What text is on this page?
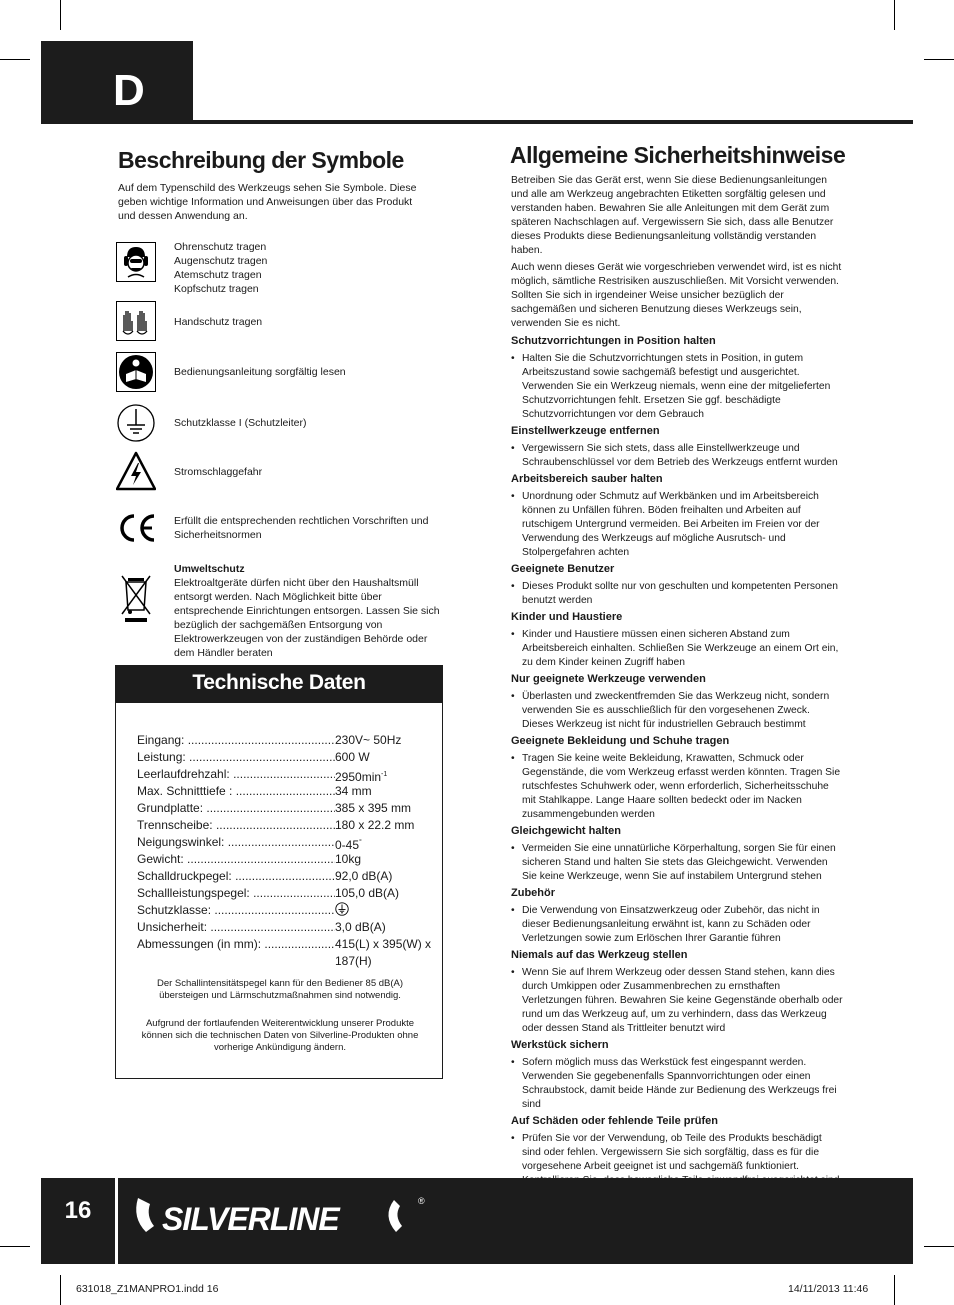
D
Beschreibung der Symbole

Auf dem Typenschild des Werkzeugs sehen Sie Symbole. Diese geben wichtige Information und Anweisungen über das Produkt und dessen Anwendung an.

Ohrenschutz tragen
Augenschutz tragen
Atemschutz tragen
Kopfschutz tragen
Handschutz tragen
Bedienungsanleitung sorgfältig lesen
Schutzklasse I (Schutzleiter)
Stromschlaggefahr
Erfüllt die entsprechenden rechtlichen Vorschriften und Sicherheitsnormen
Umweltschutz
Elektroaltgeräte dürfen nicht über den Haushaltsmüll entsorgt werden. Nach Möglichkeit bitte über entsprechende Einrichtungen entsorgen. Lassen Sie sich bezüglich der sachgemäßen Entsorgung von Elektrowerkzeugen von der zuständigen Behörde oder dem Händler beraten
Technische Daten
Eingang: .....	230V~ 50Hz
Leistung: .....	600 W
Leerlaufdrehzahl: .....	$2950\min^{-1}$
Max. Schnitttiefe : .....	34 mm
Grundplatte: .....	385 x 395 mm
Trennscheibe: .....	180 x 22.2 mm
Neigungswinkel: .....	0-45°
Gewicht: .....	10kg
Schalldruckpegel: .....	92,0 dB(A)
Schallleistungspegel: .....	105,0 dB(A)
Schutzklasse: .....
Unsicherheit: .....	3,0 dB(A)
Abmessungen (in mm): .....	415(L) x 395(W) x 187(H)

Der Schallintensitätspegel kann für den Bediener 85 dB(A) übersteigen und Lärmschutzmaßnahmen sind notwendig.

Aufgrund der fortlaufenden Weiterentwicklung unserer Produkte können sich die technischen Daten von Silverline-Produkten ohne vorherige Ankündigung ändern.

Allgemeine Sicherheitshinweise

Betreiben Sie das Gerät erst, wenn Sie diese Bedienungsanleitungen und alle am Werkzeug angebrachten Etiketten sorgfältig gelesen und verstanden haben. Bewahren Sie alle Anleitungen mit dem Gerät zum späteren Nachschlagen auf. Vergewissern Sie sich, dass alle Benutzer dieses Produkts diese Bedienungsanleitung vollständig verstanden haben.

Auch wenn dieses Gerät wie vorgeschrieben verwendet wird, ist es nicht möglich, sämtliche Restrisiken auszuschließen. Mit Vorsicht verwenden. Sollten Sie sich in irgendeiner Weise unsicher bezüglich der sachgemäßen und sicheren Benutzung dieses Werkzeugs sein, verwenden Sie es nicht.

Schutzvorrichtungen in Position halten
• Halten Sie die Schutzvorrichtungen stets in Position, in gutem Arbeitszustand sowie sachgemäß befestigt und ausgerichtet. Verwenden Sie ein Werkzeug niemals, wenn eine der mitgelieferten Schutzvorrichtungen fehlt. Ersetzen Sie ggf. beschädigte Schutzvorrichtungen vor dem Gebrauch
Einstellwerkzeuge entfernen
• Vergewissern Sie sich stets, dass alle Einstellwerkzeuge und Schraubenschlüssel vor dem Betrieb des Werkzeugs entfernt wurden
Arbeitsbereich sauber halten
• Unordnung oder Schmutz auf Werkbänken und im Arbeitsbereich können zu Unfällen führen. Böden freihalten und Arbeiten auf rutschigem Untergrund vermeiden. Bei Arbeiten im Freien vor der Verwendung des Werkzeugs auf mögliche Ausrutsch- und Stolpergefahren achten
Geeignete Benutzer
• Dieses Produkt sollte nur von geschulten und kompetenten Personen benutzt werden
Kinder und Haustiere
• Kinder und Haustiere müssen einen sicheren Abstand zum Arbeitsbereich einhalten. Schließen Sie Werkzeuge an einem Ort ein, zu dem Kinder keinen Zugriff haben
Nur geeignete Werkzeuge verwenden
• Überlasten und zweckentfremden Sie das Werkzeug nicht, sondern verwenden Sie es ausschließlich für den vorgesehenen Zweck. Dieses Werkzeug ist nicht für industriellen Gebrauch bestimmt
Geeignete Bekleidung und Schuhe tragen
• Tragen Sie keine weite Bekleidung, Krawatten, Schmuck oder Gegenstände, die vom Werkzeug erfasst werden könnten. Tragen Sie rutschfestes Schuhwerk oder, wenn erforderlich, Sicherheitsschuhe mit Stahlkappe. Lange Haare sollten bedeckt oder im Nacken zusammengebunden werden
Gleichgewicht halten
• Vermeiden Sie eine unnatürliche Körperhaltung, sorgen Sie für einen sicheren Stand und halten Sie stets das Gleichgewicht. Verwenden Sie keine Werkzeuge, wenn Sie auf instabilem Untergrund stehen
Zubehör
• Die Verwendung von Einsatzwerkzeug oder Zubehör, das nicht in dieser Bedienungsanleitung erwähnt ist, kann zu Schäden oder Verletzungen sowie zum Erlöschen Ihrer Garantie führen
Niemals auf das Werkzeug stellen
• Wenn Sie auf Ihrem Werkzeug oder dessen Stand stehen, kann dies durch Umkippen oder Zusammenbrechen zu ernsthaften Verletzungen führen. Bewahren Sie keine Gegenstände oberhalb oder rund um das Werkzeug auf, um zu verhindern, dass das Werkzeug oder dessen Stand als Trittleiter benutzt wird
Werkstück sichern
• Sofern möglich muss das Werkstück fest eingespannt werden. Verwenden Sie gegebenenfalls Spannvorrichtungen oder einen Schraubstock, damit beide Hände zur Bedienung des Werkzeugs frei sind
Auf Schäden oder fehlende Teile prüfen
• Prüfen Sie vor der Verwendung, ob Teile des Produkts beschädigt sind oder fehlen. Vergewissern Sie sich sorgfältig, dass es für die vorgesehene Arbeit geeignet ist und sachgemäß funktioniert.
16	SILVERLINE	®
631018_Z1MANPRO1.indd 16	14/11/2013 11:46
